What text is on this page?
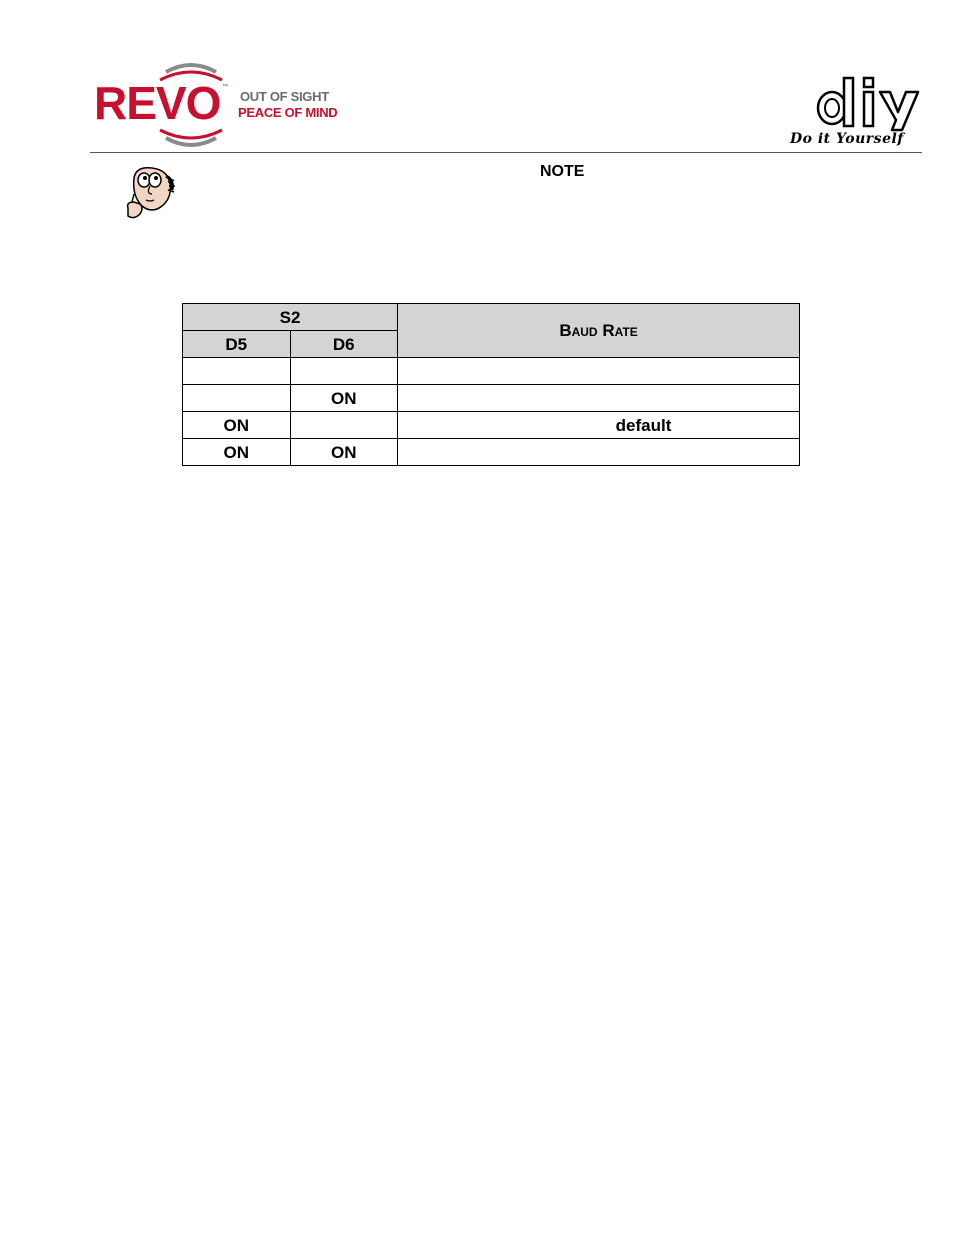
REVO ™
OUT OF SIGHT
PEACE OF MIND
Do it Yourself
NOTE
S2		Baud Rate
D5	D6	

	ON	
ON		default
ON	ON	
